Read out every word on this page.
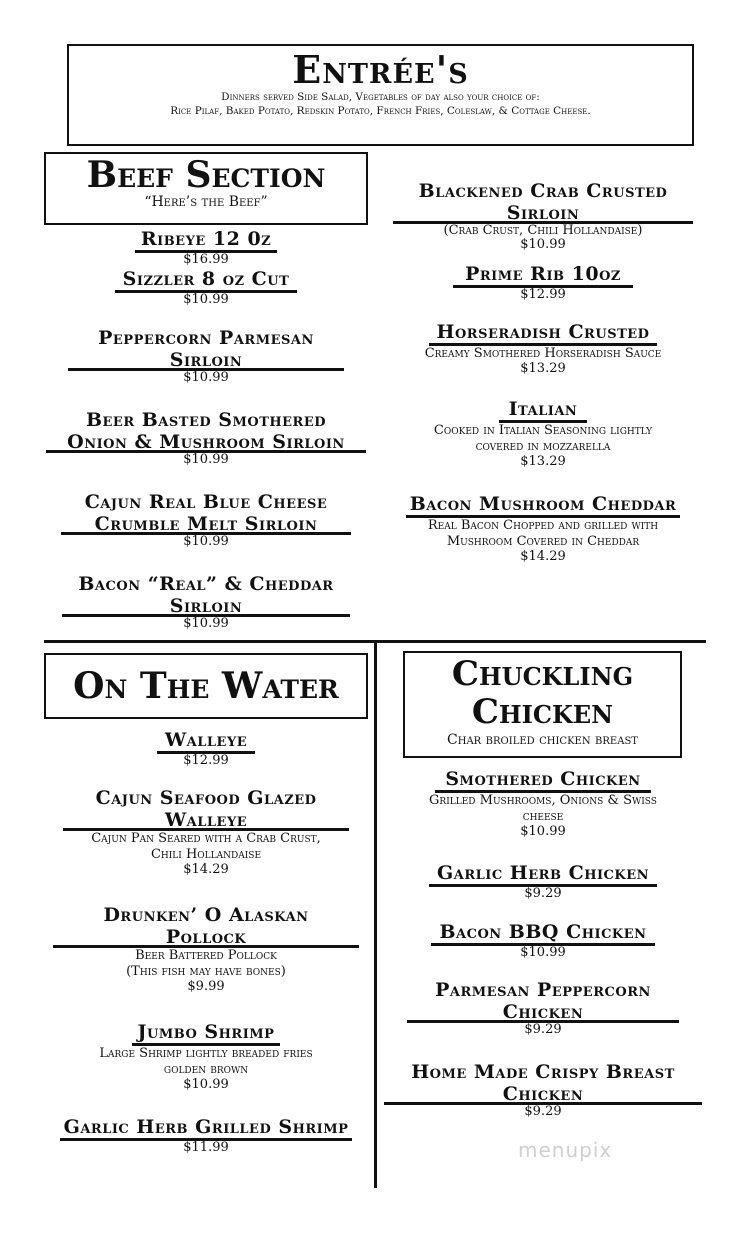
Entrée's
Dinners served Side Salad, Vegetables of day also your choice of:
Rice Pilaf, Baked Potato, Redskin Potato, French Fries, Coleslaw, & Cottage Cheese.
Beef Section
“Here’s the Beef”
Ribeye 12 0z
$16.99
Sizzler 8 oz Cut
$10.99
Peppercorn Parmesan
Sirloin
$10.99
Beer Basted Smothered
Onion & Mushroom Sirloin
$10.99
Cajun Real Blue Cheese
Crumble Melt Sirloin
$10.99
Bacon “Real” & Cheddar
Sirloin
$10.99
Blackened Crab Crusted
Sirloin
(Crab Crust, Chili Hollandaise)
$10.99
Prime Rib 10oz
$12.99
Horseradish Crusted
Creamy Smothered Horseradish Sauce
$13.29
Italian
Cooked in Italian Seasoning lightly
covered in mozzarella
$13.29
Bacon Mushroom Cheddar
Real Bacon Chopped and grilled with
Mushroom Covered in Cheddar
$14.29
On The Water
Walleye
$12.99
Cajun Seafood Glazed
Walleye
Cajun Pan Seared with a Crab Crust,
Chili Hollandaise
$14.29
Drunken’ O Alaskan
Pollock
Beer Battered Pollock
(This fish may have bones)
$9.99
Jumbo Shrimp
Large Shrimp lightly breaded fries
golden brown
$10.99
Garlic Herb Grilled Shrimp
$11.99
Chuckling
Chicken
Char broiled chicken breast
Smothered Chicken
Grilled Mushrooms, Onions & Swiss
cheese
$10.99
Garlic Herb Chicken
$9.29
Bacon BBQ Chicken
$10.99
Parmesan Peppercorn
Chicken
$9.29
Home Made Crispy Breast
Chicken
$9.29
menupix
